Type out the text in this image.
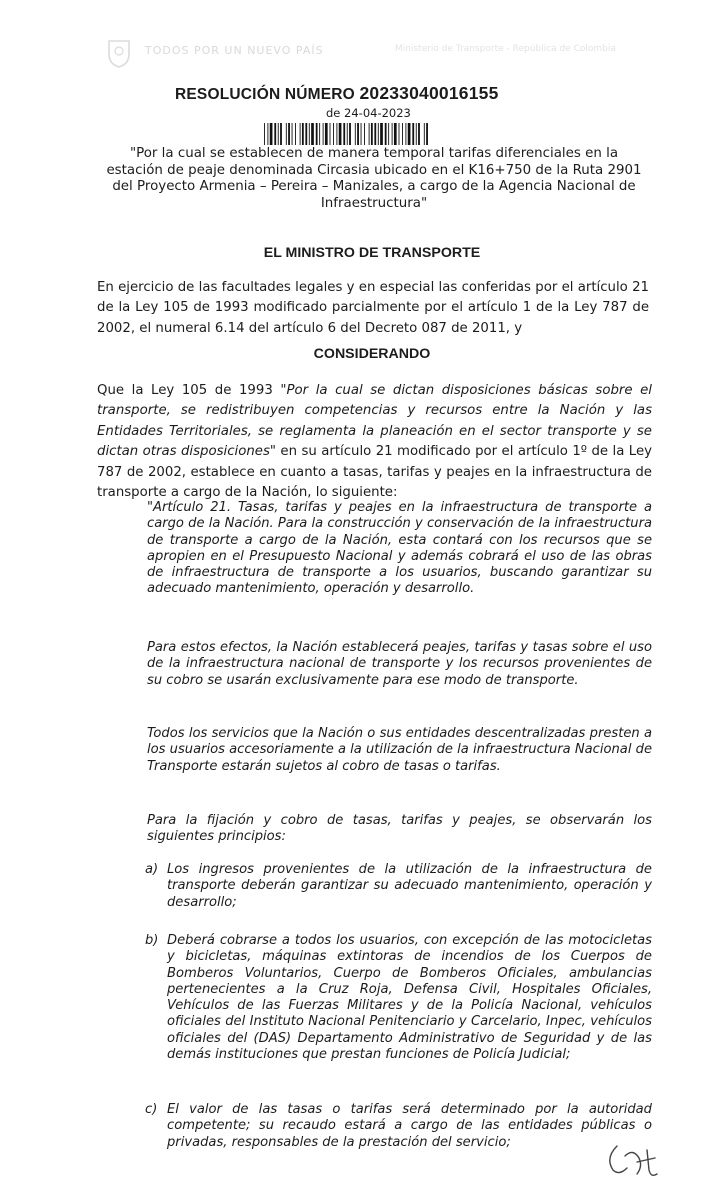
TODOS POR UN NUEVO PAÍS	Ministerio de Transporte - República de Colombia
RESOLUCIÓN NÚMERO 20233040016155
de 24-04-2023
"Por la cual se establecen de manera temporal tarifas diferenciales en la estación de peaje denominada Circasia ubicado en el K16+750 de la Ruta 2901 del Proyecto Armenia – Pereira – Manizales, a cargo de la Agencia Nacional de Infraestructura"
EL MINISTRO DE TRANSPORTE
En ejercicio de las facultades legales y en especial las conferidas por el artículo 21 de la Ley 105 de 1993 modificado parcialmente por el artículo 1 de la Ley 787 de 2002, el numeral 6.14 del artículo 6 del Decreto 087 de 2011, y
CONSIDERANDO
Que la Ley 105 de 1993 "Por la cual se dictan disposiciones básicas sobre el transporte, se redistribuyen competencias y recursos entre la Nación y las Entidades Territoriales, se reglamenta la planeación en el sector transporte y se dictan otras disposiciones" en su artículo 21 modificado por el artículo 1º de la Ley 787 de 2002, establece en cuanto a tasas, tarifas y peajes en la infraestructura de transporte a cargo de la Nación, lo siguiente:
"Artículo 21. Tasas, tarifas y peajes en la infraestructura de transporte a cargo de la Nación. Para la construcción y conservación de la infraestructura de transporte a cargo de la Nación, esta contará con los recursos que se apropien en el Presupuesto Nacional y además cobrará el uso de las obras de infraestructura de transporte a los usuarios, buscando garantizar su adecuado mantenimiento, operación y desarrollo.
Para estos efectos, la Nación establecerá peajes, tarifas y tasas sobre el uso de la infraestructura nacional de transporte y los recursos provenientes de su cobro se usarán exclusivamente para ese modo de transporte.
Todos los servicios que la Nación o sus entidades descentralizadas presten a los usuarios accesoriamente a la utilización de la infraestructura Nacional de Transporte estarán sujetos al cobro de tasas o tarifas.
Para la fijación y cobro de tasas, tarifas y peajes, se observarán los siguientes principios:
a) Los ingresos provenientes de la utilización de la infraestructura de transporte deberán garantizar su adecuado mantenimiento, operación y desarrollo;
b) Deberá cobrarse a todos los usuarios, con excepción de las motocicletas y bicicletas, máquinas extintoras de incendios de los Cuerpos de Bomberos Voluntarios, Cuerpo de Bomberos Oficiales, ambulancias pertenecientes a la Cruz Roja, Defensa Civil, Hospitales Oficiales, Vehículos de las Fuerzas Militares y de la Policía Nacional, vehículos oficiales del Instituto Nacional Penitenciario y Carcelario, Inpec, vehículos oficiales del (DAS) Departamento Administrativo de Seguridad y de las demás instituciones que prestan funciones de Policía Judicial;
c) El valor de las tasas o tarifas será determinado por la autoridad competente; su recaudo estará a cargo de las entidades públicas o privadas, responsables de la prestación del servicio;
